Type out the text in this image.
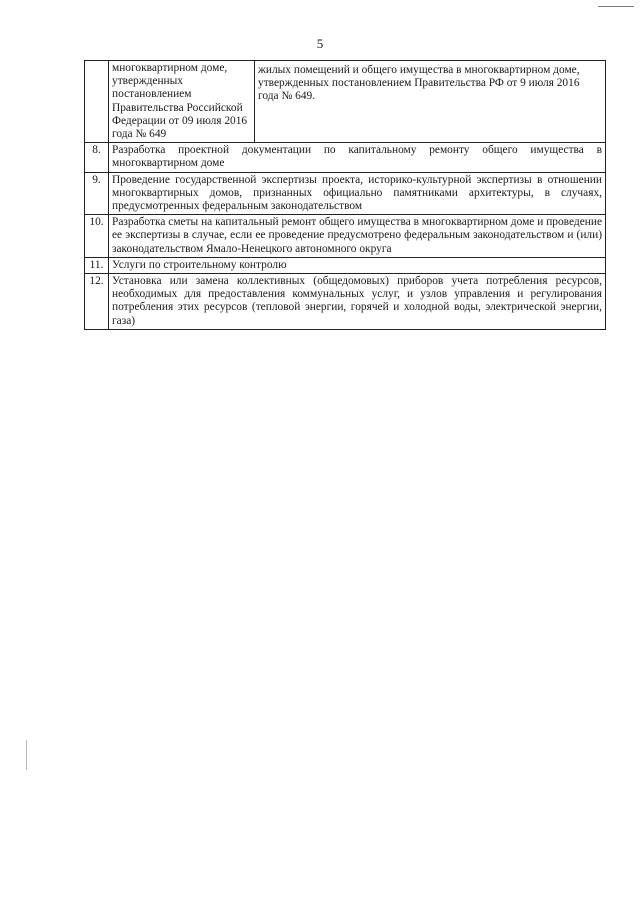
5
	многоквартирном доме, утвержденных постановлением Правительства Российской Федерации от 09 июля 2016 года № 649	жилых помещений и общего имущества в многоквартирном доме, утвержденных постановлением Правительства РФ от 9 июля 2016 года № 649.
8.	Разработка проектной документации по капитальному ремонту общего имущества в многоквартирном доме	
9.	Проведение государственной экспертизы проекта, историко-культурной экспертизы в отношении многоквартирных домов, признанных официально памятниками архитектуры, в случаях, предусмотренных федеральным законодательством	
10.	Разработка сметы на капитальный ремонт общего имущества в многоквартирном доме и проведение ее экспертизы в случае, если ее проведение предусмотрено федеральным законодательством и (или) законодательством Ямало-Ненецкого автономного округа	
11.	Услуги по строительному контролю	
12.	Установка или замена коллективных (общедомовых) приборов учета потребления ресурсов, необходимых для предоставления коммунальных услуг, и узлов управления и регулирования потребления этих ресурсов (тепловой энергии, горячей и холодной воды, электрической энергии, газа)	
